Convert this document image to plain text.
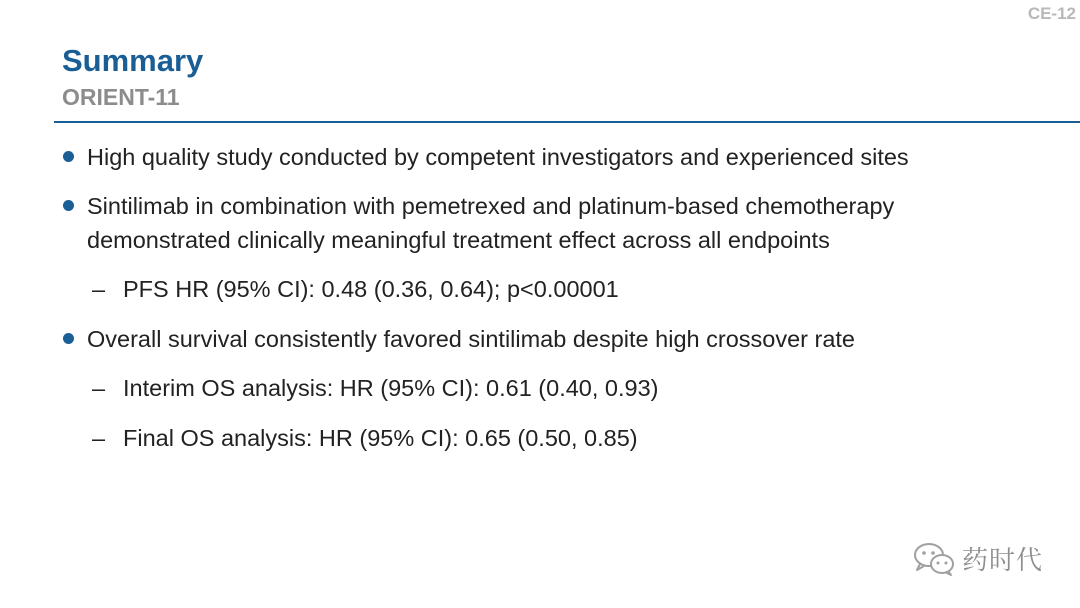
CE-12
Summary
ORIENT-11
High quality study conducted by competent investigators and experienced sites
Sintilimab in combination with pemetrexed and platinum-based chemotherapy
demonstrated clinically meaningful treatment effect across all endpoints
– PFS HR (95% CI): 0.48 (0.36, 0.64); p<0.00001
Overall survival consistently favored sintilimab despite high crossover rate
– Interim OS analysis: HR (95% CI): 0.61 (0.40, 0.93)
– Final OS analysis: HR (95% CI): 0.65 (0.50, 0.85)
药时代
